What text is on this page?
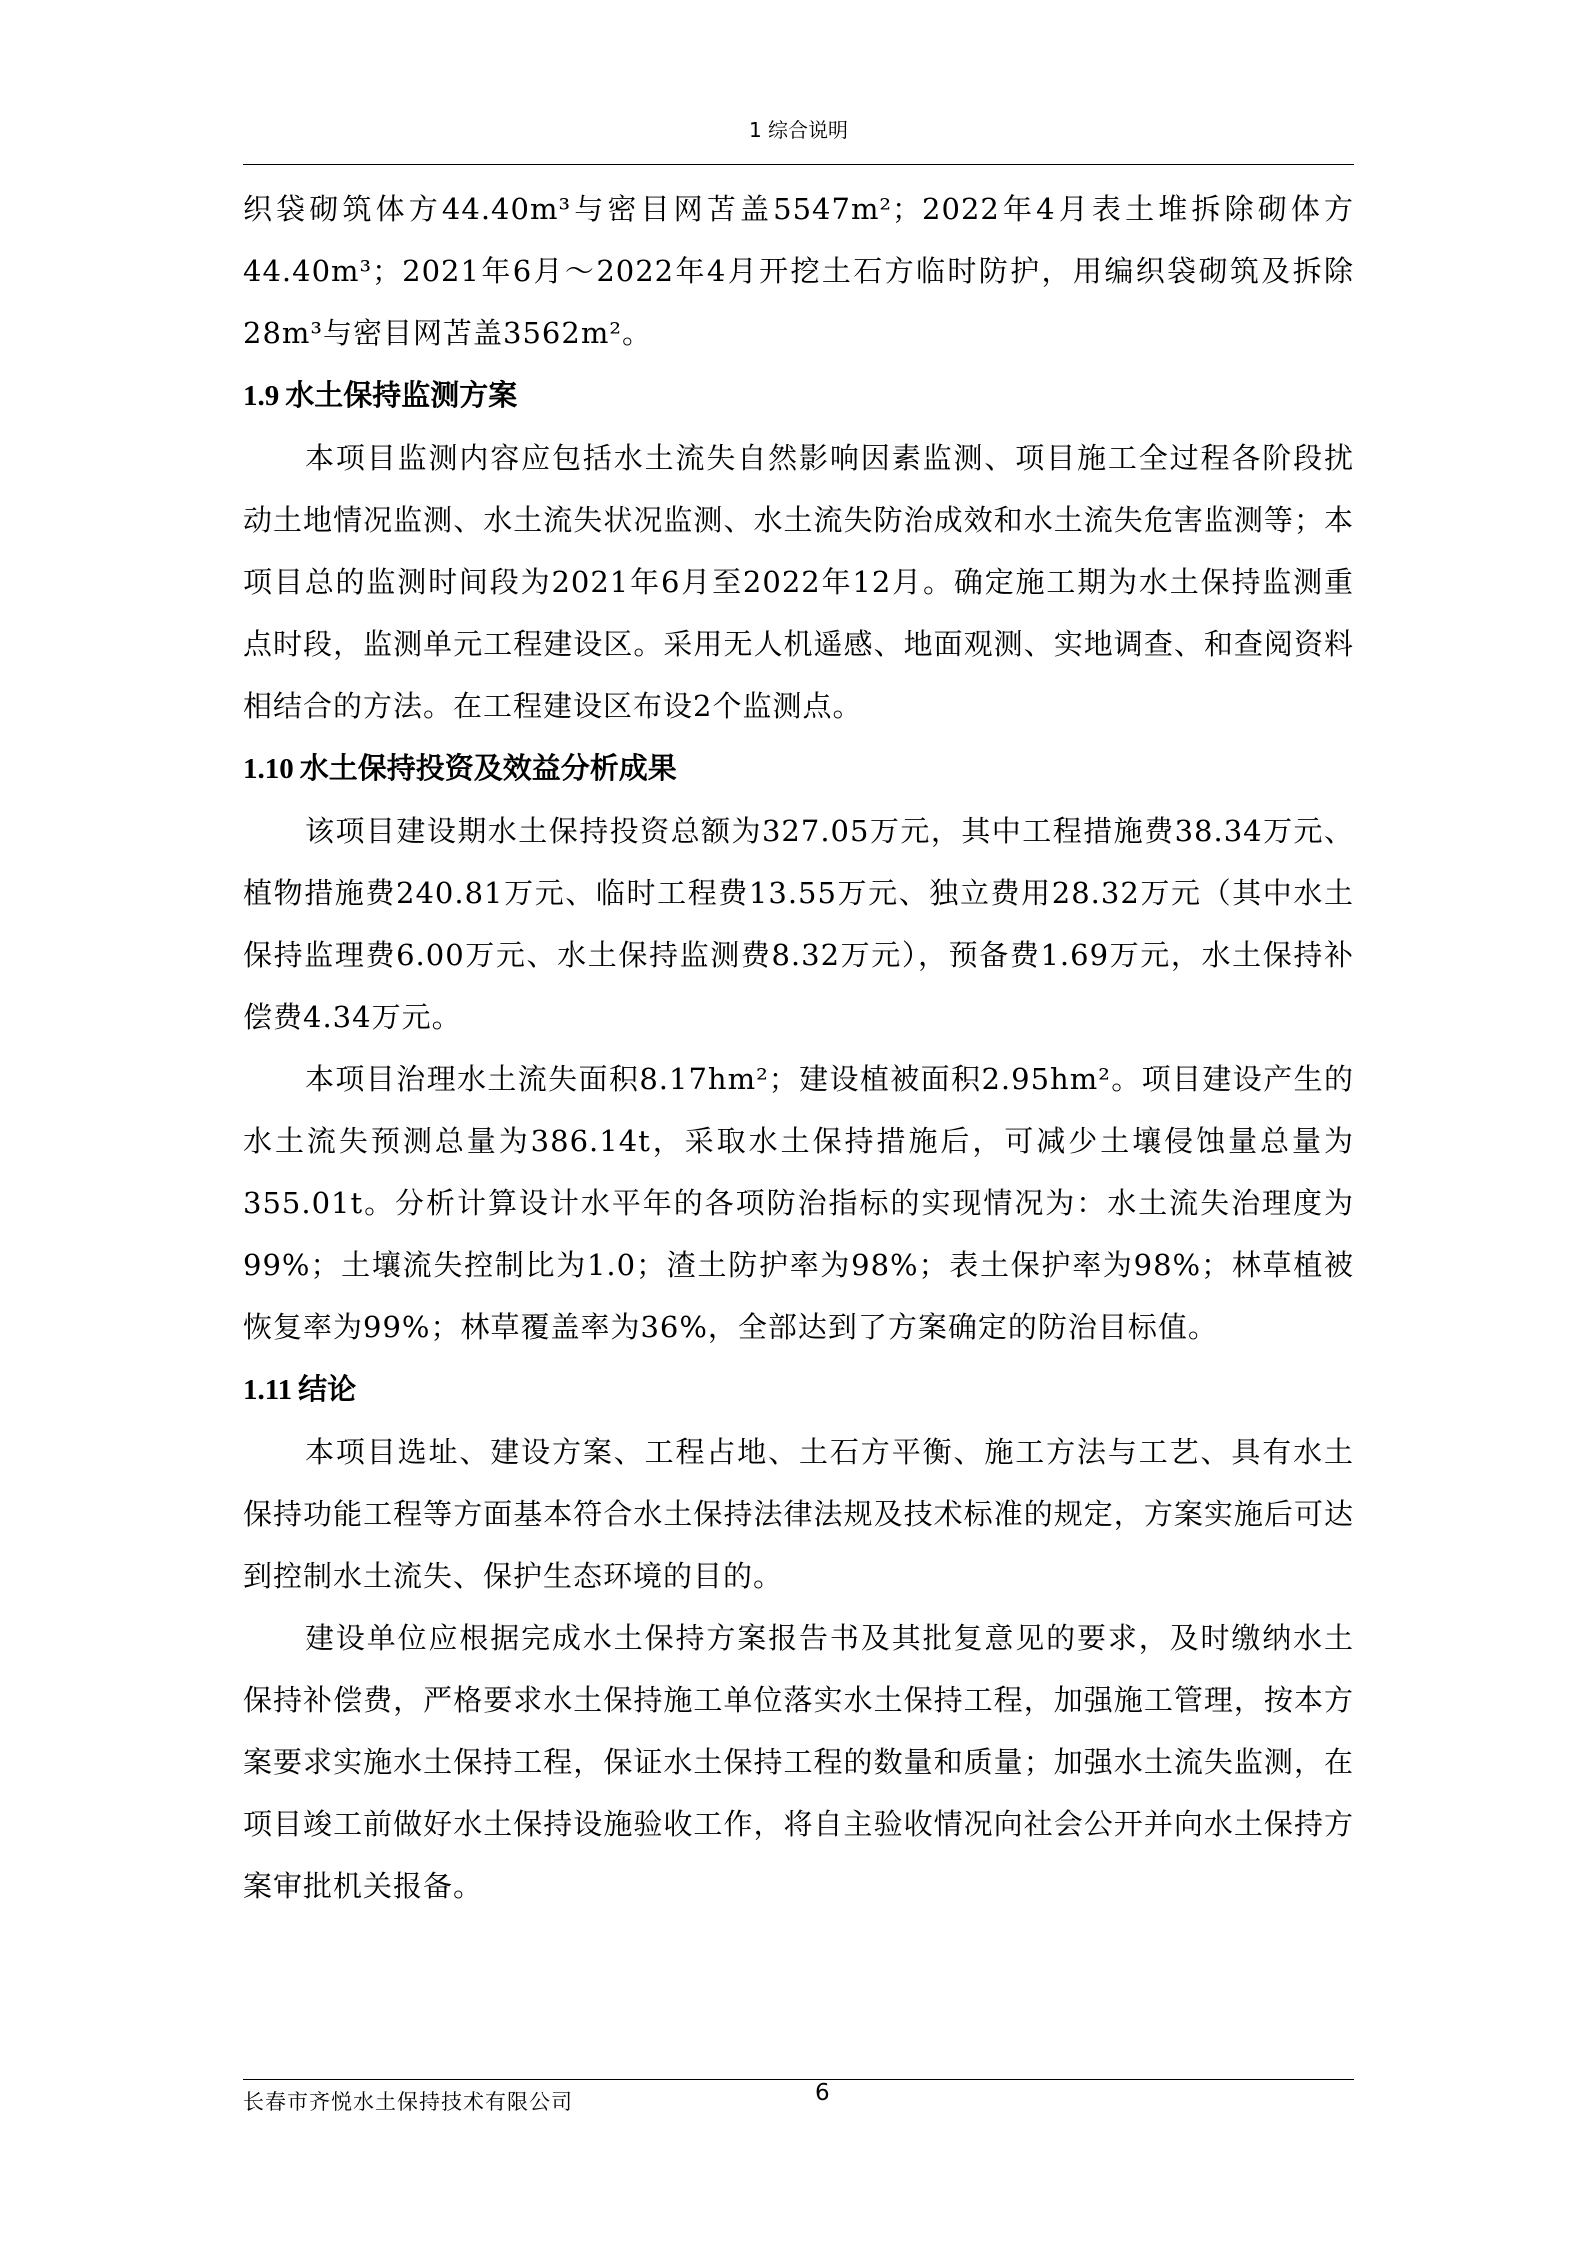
1 综合说明

织袋砌筑体方44.40m³与密目网苫盖5547m²；2022年4月表土堆拆除砌体方44.40m³；2021年6月～2022年4月开挖土石方临时防护，用编织袋砌筑及拆除28m³与密目网苫盖3562m²。

1.9 水土保持监测方案

本项目监测内容应包括水土流失自然影响因素监测、项目施工全过程各阶段扰动土地情况监测、水土流失状况监测、水土流失防治成效和水土流失危害监测等；本项目总的监测时间段为2021年6月至2022年12月。确定施工期为水土保持监测重点时段，监测单元工程建设区。采用无人机遥感、地面观测、实地调查、和查阅资料相结合的方法。在工程建设区布设2个监测点。

1.10 水土保持投资及效益分析成果

该项目建设期水土保持投资总额为327.05万元，其中工程措施费38.34万元、植物措施费240.81万元、临时工程费13.55万元、独立费用28.32万元（其中水土保持监理费6.00万元、水土保持监测费8.32万元），预备费1.69万元，水土保持补偿费4.34万元。

本项目治理水土流失面积8.17hm²；建设植被面积2.95hm²。项目建设产生的水土流失预测总量为386.14t，采取水土保持措施后，可减少土壤侵蚀量总量为355.01t。分析计算设计水平年的各项防治指标的实现情况为：水土流失治理度为99%；土壤流失控制比为1.0；渣土防护率为98%；表土保护率为98%；林草植被恢复率为99%；林草覆盖率为36%，全部达到了方案确定的防治目标值。

1.11 结论

本项目选址、建设方案、工程占地、土石方平衡、施工方法与工艺、具有水土保持功能工程等方面基本符合水土保持法律法规及技术标准的规定，方案实施后可达到控制水土流失、保护生态环境的目的。

建设单位应根据完成水土保持方案报告书及其批复意见的要求，及时缴纳水土保持补偿费，严格要求水土保持施工单位落实水土保持工程，加强施工管理，按本方案要求实施水土保持工程，保证水土保持工程的数量和质量；加强水土流失监测，在项目竣工前做好水土保持设施验收工作，将自主验收情况向社会公开并向水土保持方案审批机关报备。

长春市齐悦水土保持技术有限公司	6
